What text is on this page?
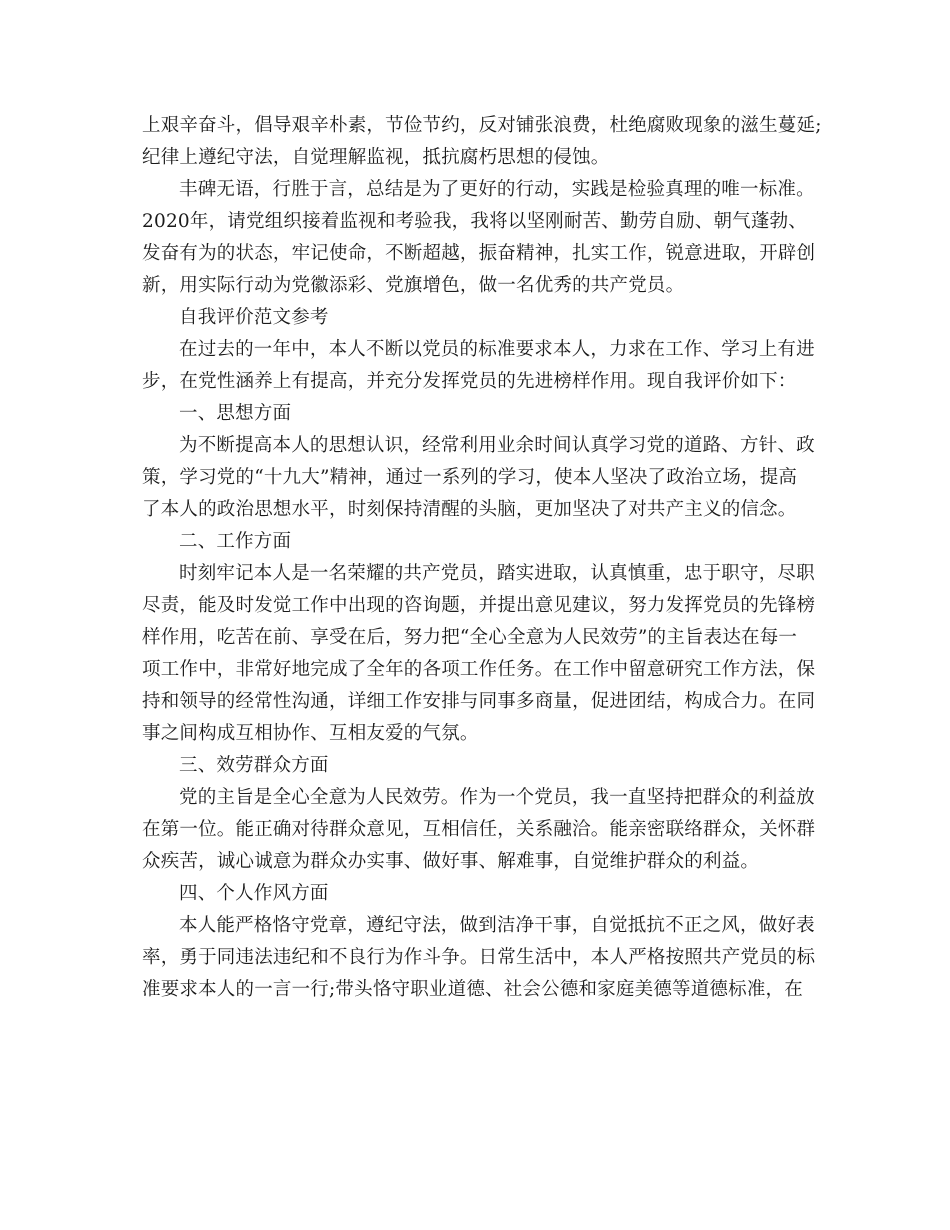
上艰辛奋斗，倡导艰辛朴素，节俭节约，反对铺张浪费，杜绝腐败现象的滋生蔓延;
纪律上遵纪守法，自觉理解监视，抵抗腐朽思想的侵蚀。
丰碑无语，行胜于言，总结是为了更好的行动，实践是检验真理的唯一标准。
2020年，请党组织接着监视和考验我，我将以坚刚耐苦、勤劳自励、朝气蓬勃、
发奋有为的状态，牢记使命，不断超越，振奋精神，扎实工作，锐意进取，开辟创
新，用实际行动为党徽添彩、党旗增色，做一名优秀的共产党员。
自我评价范文参考
在过去的一年中，本人不断以党员的标准要求本人，力求在工作、学习上有进
步，在党性涵养上有提高，并充分发挥党员的先进榜样作用。现自我评价如下：
一、思想方面
为不断提高本人的思想认识，经常利用业余时间认真学习党的道路、方针、政
策，学习党的“十九大”精神，通过一系列的学习，使本人坚决了政治立场，提高
了本人的政治思想水平，时刻保持清醒的头脑，更加坚决了对共产主义的信念。
二、工作方面
时刻牢记本人是一名荣耀的共产党员，踏实进取，认真慎重，忠于职守，尽职
尽责，能及时发觉工作中出现的咨询题，并提出意见建议，努力发挥党员的先锋榜
样作用，吃苦在前、享受在后，努力把“全心全意为人民效劳”的主旨表达在每一
项工作中，非常好地完成了全年的各项工作任务。在工作中留意研究工作方法，保
持和领导的经常性沟通，详细工作安排与同事多商量，促进团结，构成合力。在同
事之间构成互相协作、互相友爱的气氛。
三、效劳群众方面
党的主旨是全心全意为人民效劳。作为一个党员，我一直坚持把群众的利益放
在第一位。能正确对待群众意见，互相信任，关系融洽。能亲密联络群众，关怀群
众疾苦，诚心诚意为群众办实事、做好事、解难事，自觉维护群众的利益。
四、个人作风方面
本人能严格恪守党章，遵纪守法，做到洁净干事，自觉抵抗不正之风，做好表
率，勇于同违法违纪和不良行为作斗争。日常生活中，本人严格按照共产党员的标
准要求本人的一言一行;带头恪守职业道德、社会公德和家庭美德等道德标准，在
